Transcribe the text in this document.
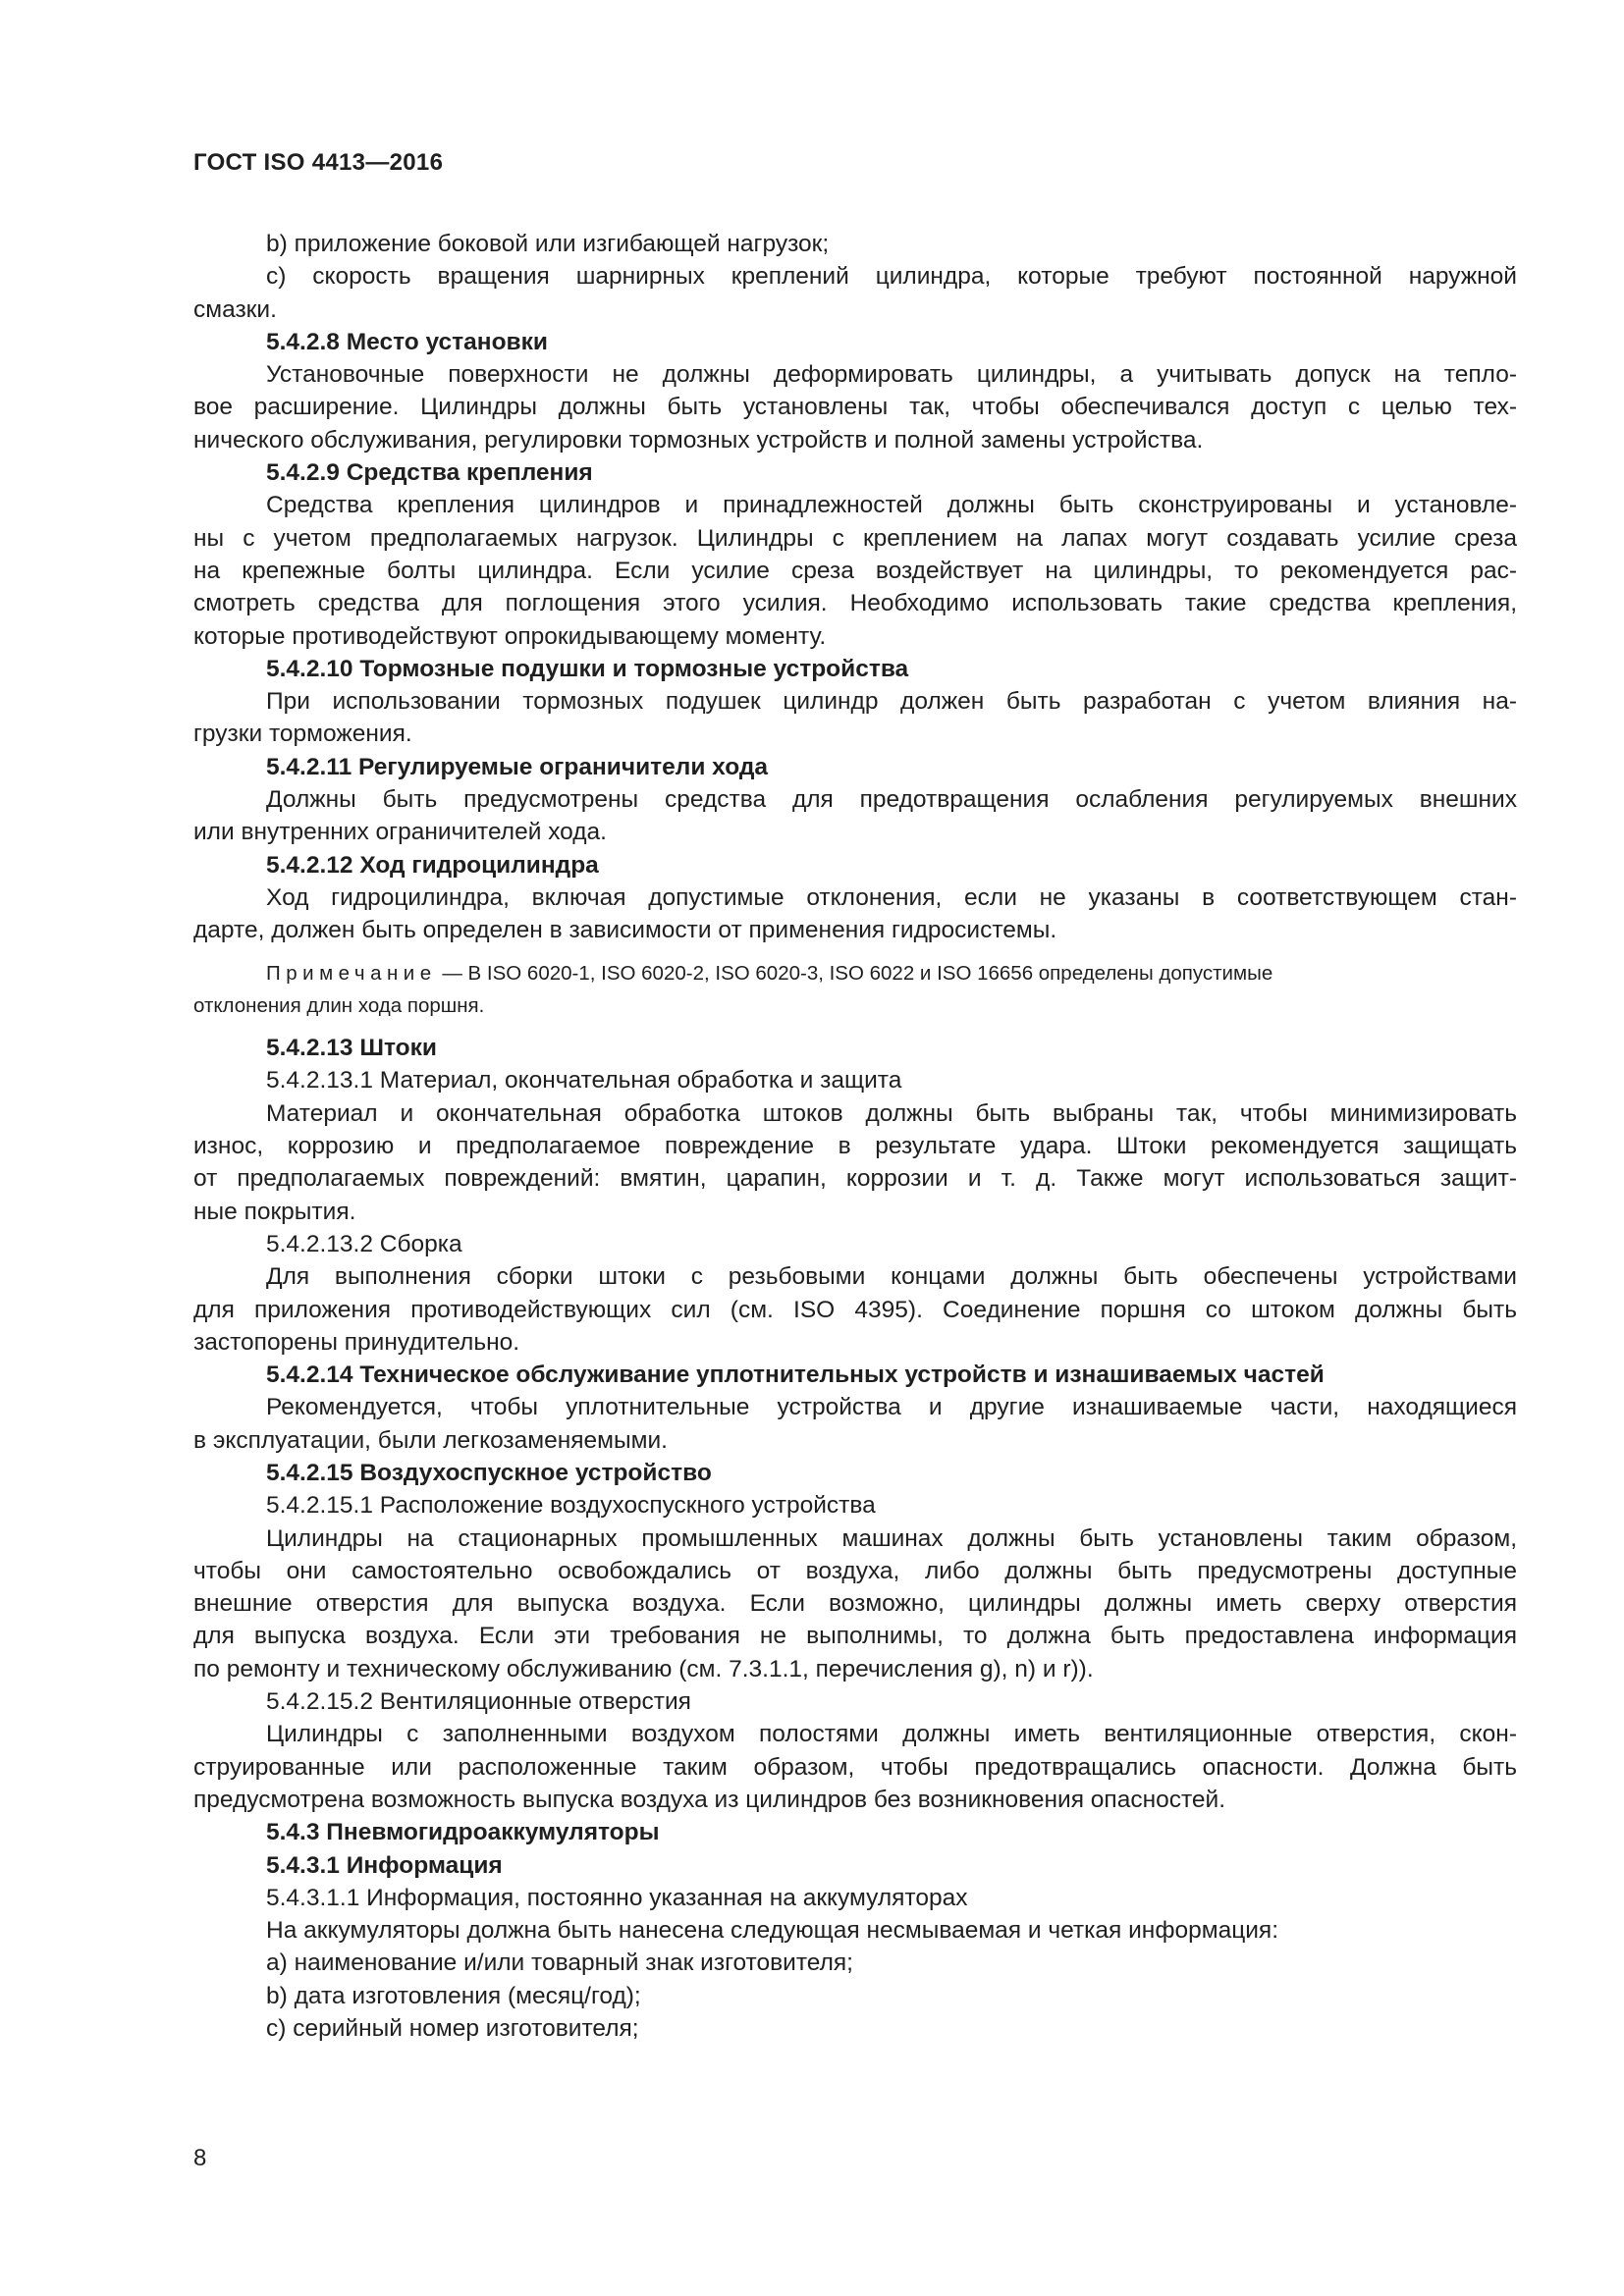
ГОСТ ISO 4413—2016
b) приложение боковой или изгибающей нагрузок;
c) скорость вращения шарнирных креплений цилиндра, которые требуют постоянной наружной
смазки.
5.4.2.8 Место установки
Установочные поверхности не должны деформировать цилиндры, а учитывать допуск на тепло-
вое расширение. Цилиндры должны быть установлены так, чтобы обеспечивался доступ с целью тех-
нического обслуживания, регулировки тормозных устройств и полной замены устройства.
5.4.2.9 Средства крепления
Средства крепления цилиндров и принадлежностей должны быть сконструированы и установле-
ны с учетом предполагаемых нагрузок. Цилиндры с креплением на лапах могут создавать усилие среза
на крепежные болты цилиндра. Если усилие среза воздействует на цилиндры, то рекомендуется рас-
смотреть средства для поглощения этого усилия. Необходимо использовать такие средства крепления,
которые противодействуют опрокидывающему моменту.
5.4.2.10 Тормозные подушки и тормозные устройства
При использовании тормозных подушек цилиндр должен быть разработан с учетом влияния на-
грузки торможения.
5.4.2.11 Регулируемые ограничители хода
Должны быть предусмотрены средства для предотвращения ослабления регулируемых внешних
или внутренних ограничителей хода.
5.4.2.12 Ход гидроцилиндра
Ход гидроцилиндра, включая допустимые отклонения, если не указаны в соответствующем стан-
дарте, должен быть определен в зависимости от применения гидросистемы.
Примечание — В ISO 6020-1, ISO 6020-2, ISO 6020-3, ISO 6022 и ISO 16656 определены допустимые
отклонения длин хода поршня.
5.4.2.13 Штоки
5.4.2.13.1 Материал, окончательная обработка и защита
Материал и окончательная обработка штоков должны быть выбраны так, чтобы минимизировать
износ, коррозию и предполагаемое повреждение в результате удара. Штоки рекомендуется защищать
от предполагаемых повреждений: вмятин, царапин, коррозии и т. д. Также могут использоваться защит-
ные покрытия.
5.4.2.13.2 Сборка
Для выполнения сборки штоки с резьбовыми концами должны быть обеспечены устройствами
для приложения противодействующих сил (см. ISO 4395). Соединение поршня со штоком должны быть
застопорены принудительно.
5.4.2.14 Техническое обслуживание уплотнительных устройств и изнашиваемых частей
Рекомендуется, чтобы уплотнительные устройства и другие изнашиваемые части, находящиеся
в эксплуатации, были легкозаменяемыми.
5.4.2.15 Воздухоспускное устройство
5.4.2.15.1 Расположение воздухоспускного устройства
Цилиндры на стационарных промышленных машинах должны быть установлены таким образом,
чтобы они самостоятельно освобождались от воздуха, либо должны быть предусмотрены доступные
внешние отверстия для выпуска воздуха. Если возможно, цилиндры должны иметь сверху отверстия
для выпуска воздуха. Если эти требования не выполнимы, то должна быть предоставлена информация
по ремонту и техническому обслуживанию (см. 7.3.1.1, перечисления g), n) и r)).
5.4.2.15.2 Вентиляционные отверстия
Цилиндры с заполненными воздухом полостями должны иметь вентиляционные отверстия, скон-
струированные или расположенные таким образом, чтобы предотвращались опасности. Должна быть
предусмотрена возможность выпуска воздуха из цилиндров без возникновения опасностей.
5.4.3 Пневмогидроаккумуляторы
5.4.3.1 Информация
5.4.3.1.1 Информация, постоянно указанная на аккумуляторах
На аккумуляторы должна быть нанесена следующая несмываемая и четкая информация:
а) наименование и/или товарный знак изготовителя;
b) дата изготовления (месяц/год);
c) серийный номер изготовителя;
8
